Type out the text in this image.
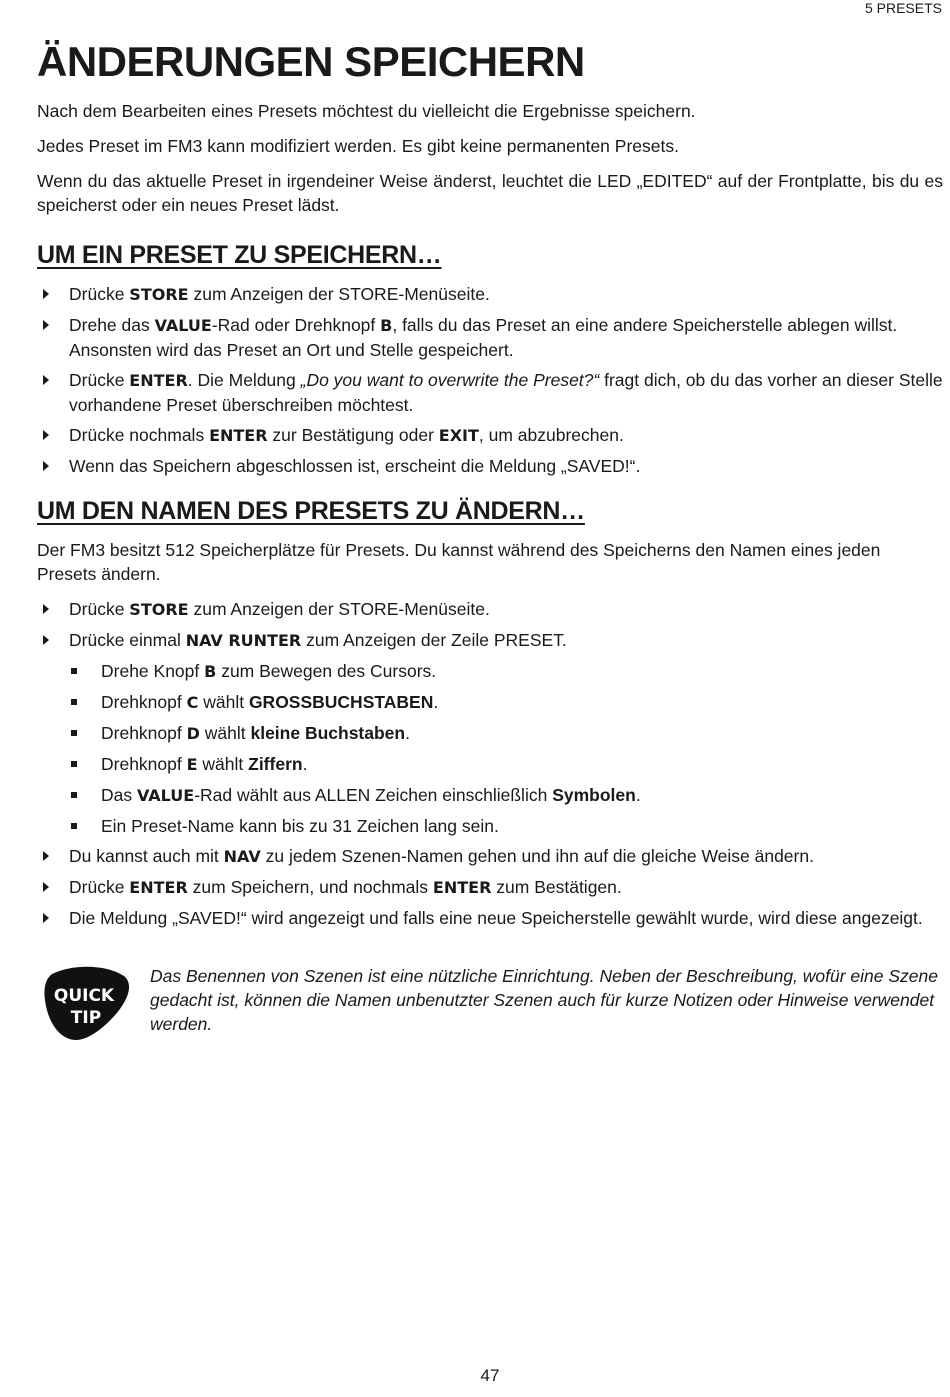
5 PRESETS
ÄNDERUNGEN SPEICHERN

Nach dem Bearbeiten eines Presets möchtest du vielleicht die Ergebnisse speichern.

Jedes Preset im FM3 kann modifiziert werden. Es gibt keine permanenten Presets.

Wenn du das aktuelle Preset in irgendeiner Weise änderst, leuchtet die LED „EDITED“ auf der Frontplatte, bis du es speicherst oder ein neues Preset lädst.

UM EIN PRESET ZU SPEICHERN…

Drücke STORE zum Anzeigen der STORE-Menüseite.

Drehe das VALUE-Rad oder Drehknopf B, falls du das Preset an eine andere Speicherstelle ablegen willst. Ansonsten wird das Preset an Ort und Stelle gespeichert.

Drücke ENTER. Die Meldung „Do you want to overwrite the Preset?“ fragt dich, ob du das vorher an dieser Stelle vorhandene Preset überschreiben möchtest.

Drücke nochmals ENTER zur Bestätigung oder EXIT, um abzubrechen.

Wenn das Speichern abgeschlossen ist, erscheint die Meldung „SAVED!“.

UM DEN NAMEN DES PRESETS ZU ÄNDERN…

Der FM3 besitzt 512 Speicherplätze für Presets. Du kannst während des Speicherns den Namen eines jeden Presets ändern.

Drücke STORE zum Anzeigen der STORE-Menüseite.

Drücke einmal NAV RUNTER zum Anzeigen der Zeile PRESET.

Drehe Knopf B zum Bewegen des Cursors.

Drehknopf C wählt GROSSBUCHSTABEN.

Drehknopf D wählt kleine Buchstaben.

Drehknopf E wählt Ziffern.

Das VALUE-Rad wählt aus ALLEN Zeichen einschließlich Symbolen.

Ein Preset-Name kann bis zu 31 Zeichen lang sein.

Du kannst auch mit NAV zu jedem Szenen-Namen gehen und ihn auf die gleiche Weise ändern.

Drücke ENTER zum Speichern, und nochmals ENTER zum Bestätigen.

Die Meldung „SAVED!“ wird angezeigt und falls eine neue Speicherstelle gewählt wurde, wird diese angezeigt.

QUICK
TIP
Das Benennen von Szenen ist eine nützliche Einrichtung. Neben der Beschreibung, wofür eine Szene gedacht ist, können die Namen unbenutzter Szenen auch für kurze Notizen oder Hinweise verwendet werden.
47
